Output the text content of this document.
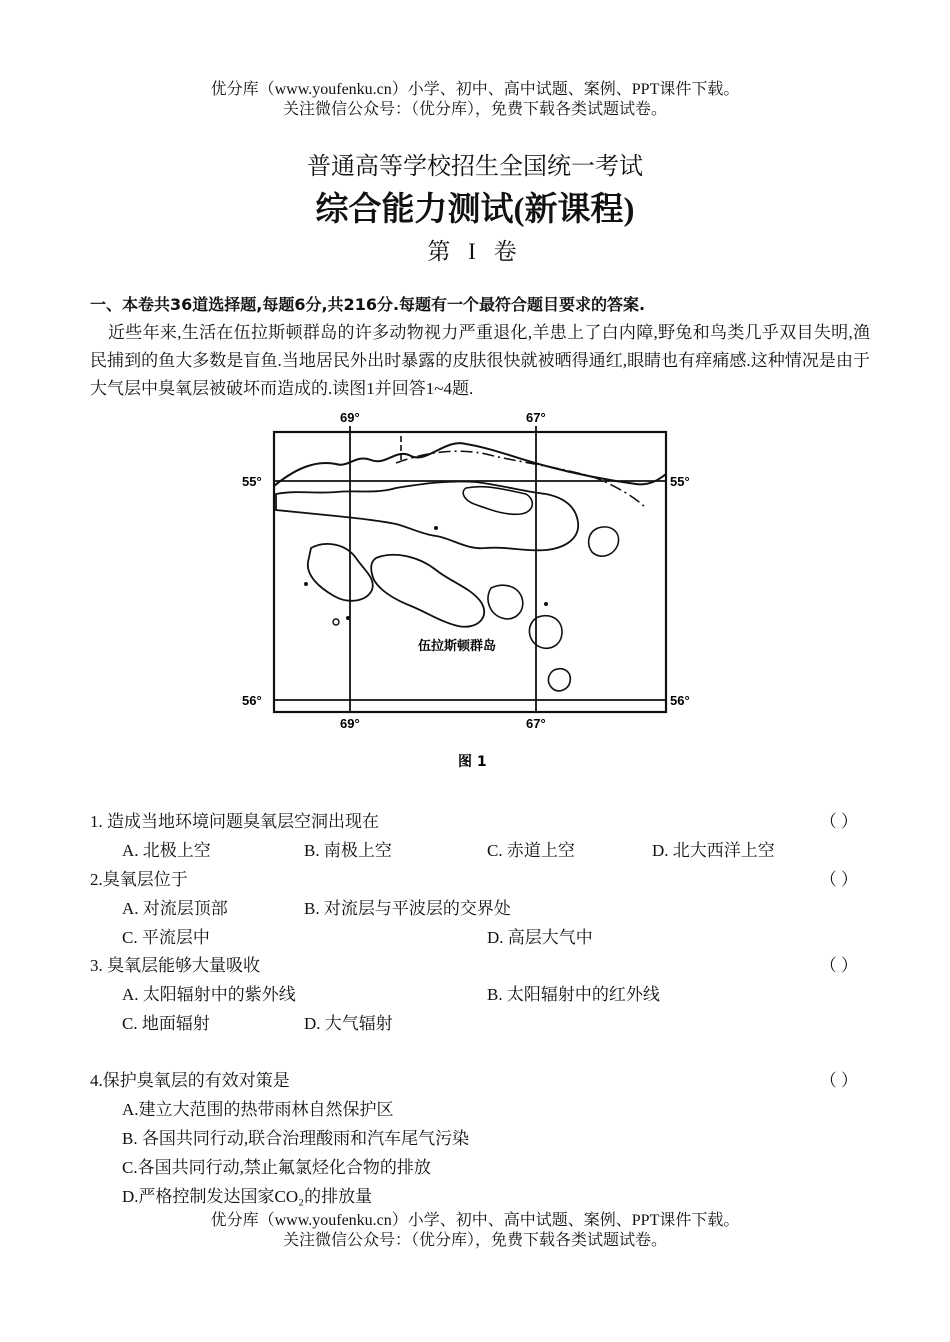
优分库（www.youfenku.cn）小学、初中、高中试题、案例、PPT课件下载。
关注微信公众号：（优分库），免费下载各类试题试卷。
普通高等学校招生全国统一考试
综合能力测试(新课程)
第 I 卷
一、本卷共36道选择题,每题6分,共216分.每题有一个最符合题目要求的答案.

近些年来,生活在伍拉斯顿群岛的许多动物视力严重退化,羊患上了白内障,野兔和鸟类几乎双目失明,渔民捕到的鱼大多数是盲鱼.当地居民外出时暴露的皮肤很快就被晒得通红,眼睛也有痒痛感.这种情况是由于大气层中臭氧层被破坏而造成的.读图1并回答1~4题.

69°	67°
55°	55°
56°	56°
69°	67°
伍拉斯顿群岛
图 1
1. 造成当地环境问题臭氧层空洞出现在	（ ）
A. 北极上空	B. 南极上空	C. 赤道上空	D. 北大西洋上空
2.臭氧层位于	（ ）
A. 对流层顶部	B. 对流层与平波层的交界处
C. 平流层中	D. 高层大气中
3. 臭氧层能够大量吸收	（ ）
A. 太阳辐射中的紫外线	B. 太阳辐射中的红外线
C. 地面辐射	D. 大气辐射
4.保护臭氧层的有效对策是	（ ）
A.建立大范围的热带雨林自然保护区
B. 各国共同行动,联合治理酸雨和汽车尾气污染
C.各国共同行动,禁止氟氯烃化合物的排放
D.严格控制发达国家CO₂的排放量
优分库（www.youfenku.cn）小学、初中、高中试题、案例、PPT课件下载。
关注微信公众号：（优分库），免费下载各类试题试卷。
